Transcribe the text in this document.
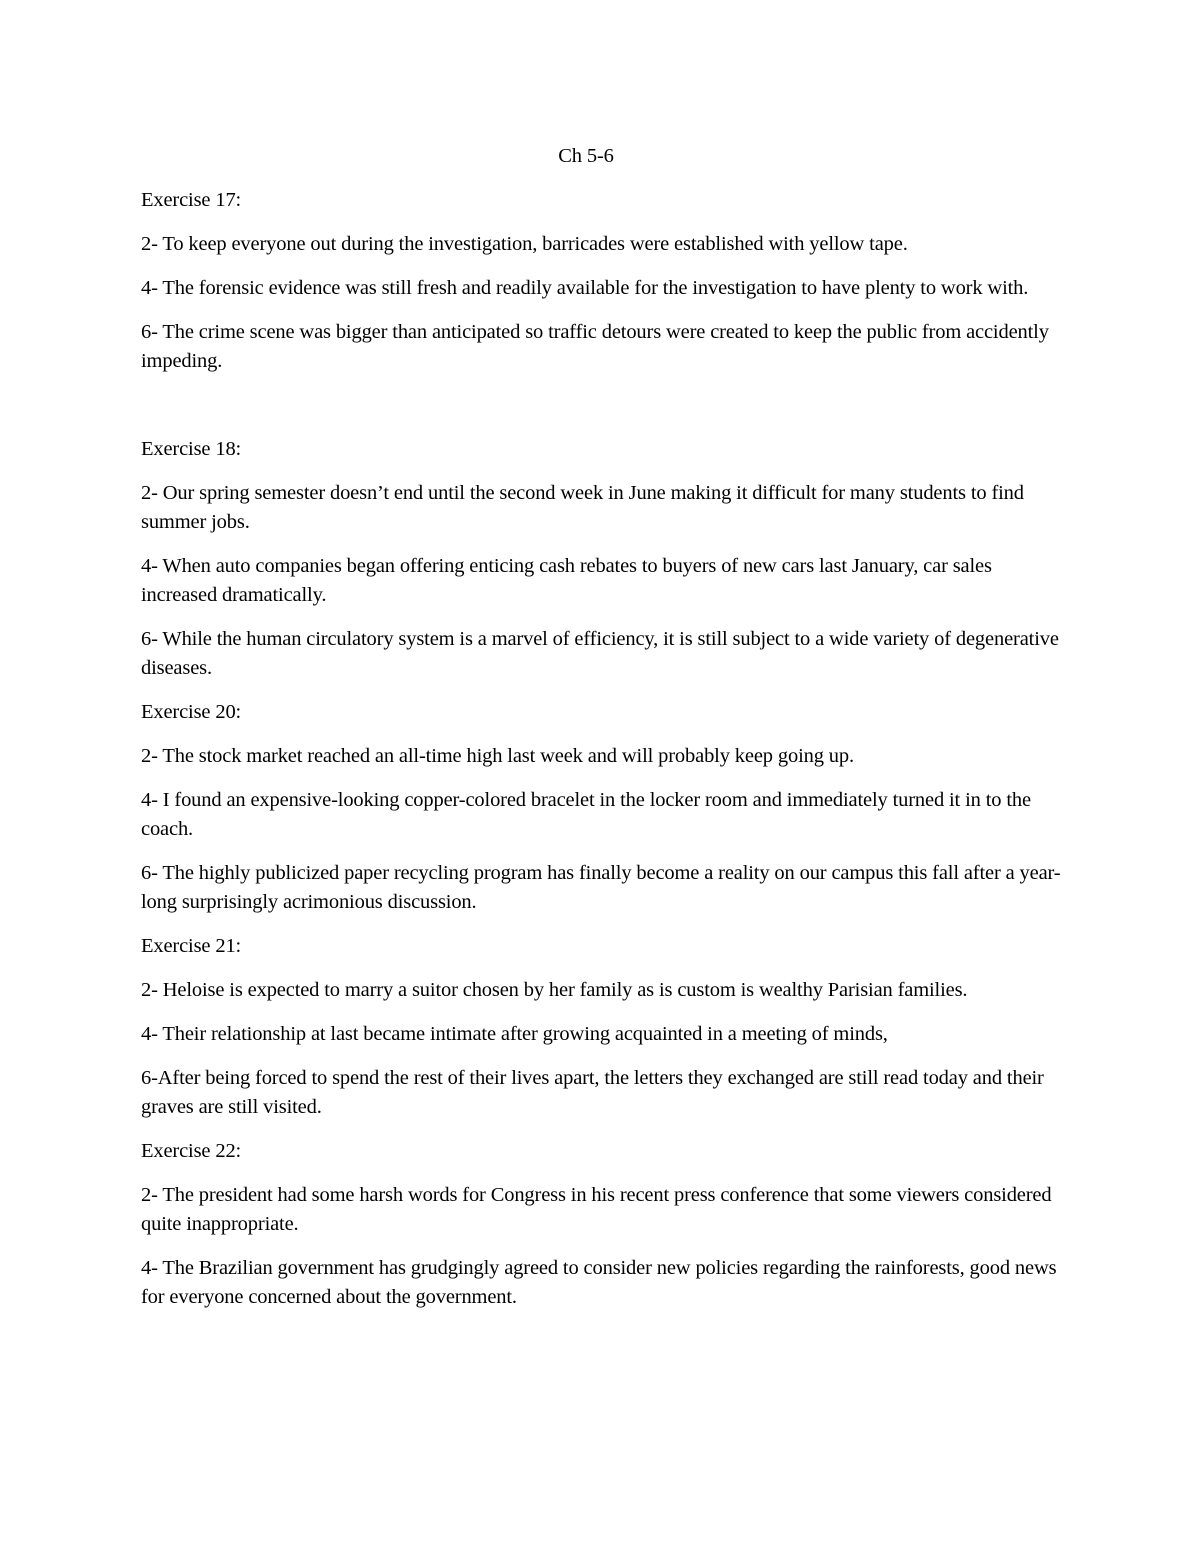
Ch 5-6
Exercise 17:
2- To keep everyone out during the investigation, barricades were established with yellow tape.
4- The forensic evidence was still fresh and readily available for the investigation to have plenty to work with.
6- The crime scene was bigger than anticipated so traffic detours were created to keep the public from accidently impeding.
Exercise 18:
2- Our spring semester doesn’t end until the second week in June making it difficult for many students to find summer jobs.
4- When auto companies began offering enticing cash rebates to buyers of new cars last January, car sales increased dramatically.
6- While the human circulatory system is a marvel of efficiency, it is still subject to a wide variety of degenerative diseases.
Exercise 20:
2- The stock market reached an all-time high last week and will probably keep going up.
4- I found an expensive-looking copper-colored bracelet in the locker room and immediately turned it in to the coach.
6- The highly publicized paper recycling program has finally become a reality on our campus this fall after a year-long surprisingly acrimonious discussion.
Exercise 21:
2- Heloise is expected to marry a suitor chosen by her family as is custom is wealthy Parisian families.
4- Their relationship at last became intimate after growing acquainted in a meeting of minds,
6-After being forced to spend the rest of their lives apart, the letters they exchanged are still read today and their graves are still visited.
Exercise 22:
2- The president had some harsh words for Congress in his recent press conference that some viewers considered quite inappropriate.
4- The Brazilian government has grudgingly agreed to consider new policies regarding the rainforests, good news for everyone concerned about the government.
